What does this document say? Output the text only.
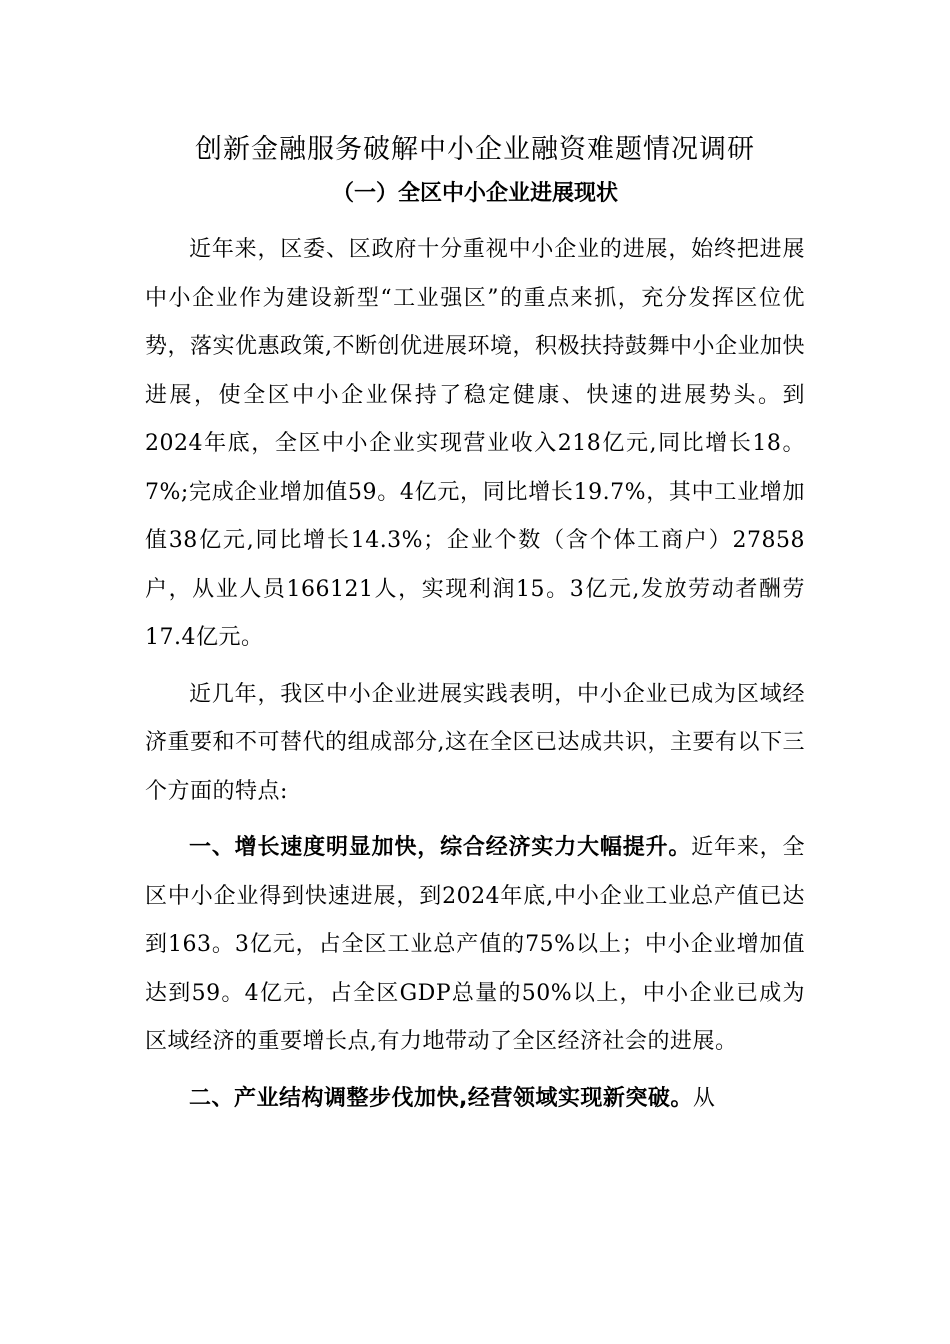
创新金融服务破解中小企业融资难题情况调研
（一）全区中小企业进展现状

近年来，区委、区政府十分重视中小企业的进展，始终把进展中小企业作为建设新型“工业强区”的重点来抓，充分发挥区位优势，落实优惠政策,不断创优进展环境，积极扶持鼓舞中小企业加快进展，使全区中小企业保持了稳定健康、快速的进展势头。到2024年底，全区中小企业实现营业收入218亿元,同比增长18。7%;完成企业增加值59。4亿元，同比增长19.7%，其中工业增加值38亿元,同比增长14.3%；企业个数（含个体工商户）27858户，从业人员166121人，实现利润15。3亿元,发放劳动者酬劳17.4亿元。

近几年，我区中小企业进展实践表明，中小企业已成为区域经济重要和不可替代的组成部分,这在全区已达成共识，主要有以下三个方面的特点:

一、增长速度明显加快，综合经济实力大幅提升。近年来，全区中小企业得到快速进展，到2024年底,中小企业工业总产值已达到163。3亿元，占全区工业总产值的75%以上；中小企业增加值达到59。4亿元，占全区GDP总量的50%以上，中小企业已成为区域经济的重要增长点,有力地带动了全区经济社会的进展。

二、产业结构调整步伐加快,经营领域实现新突破。从
